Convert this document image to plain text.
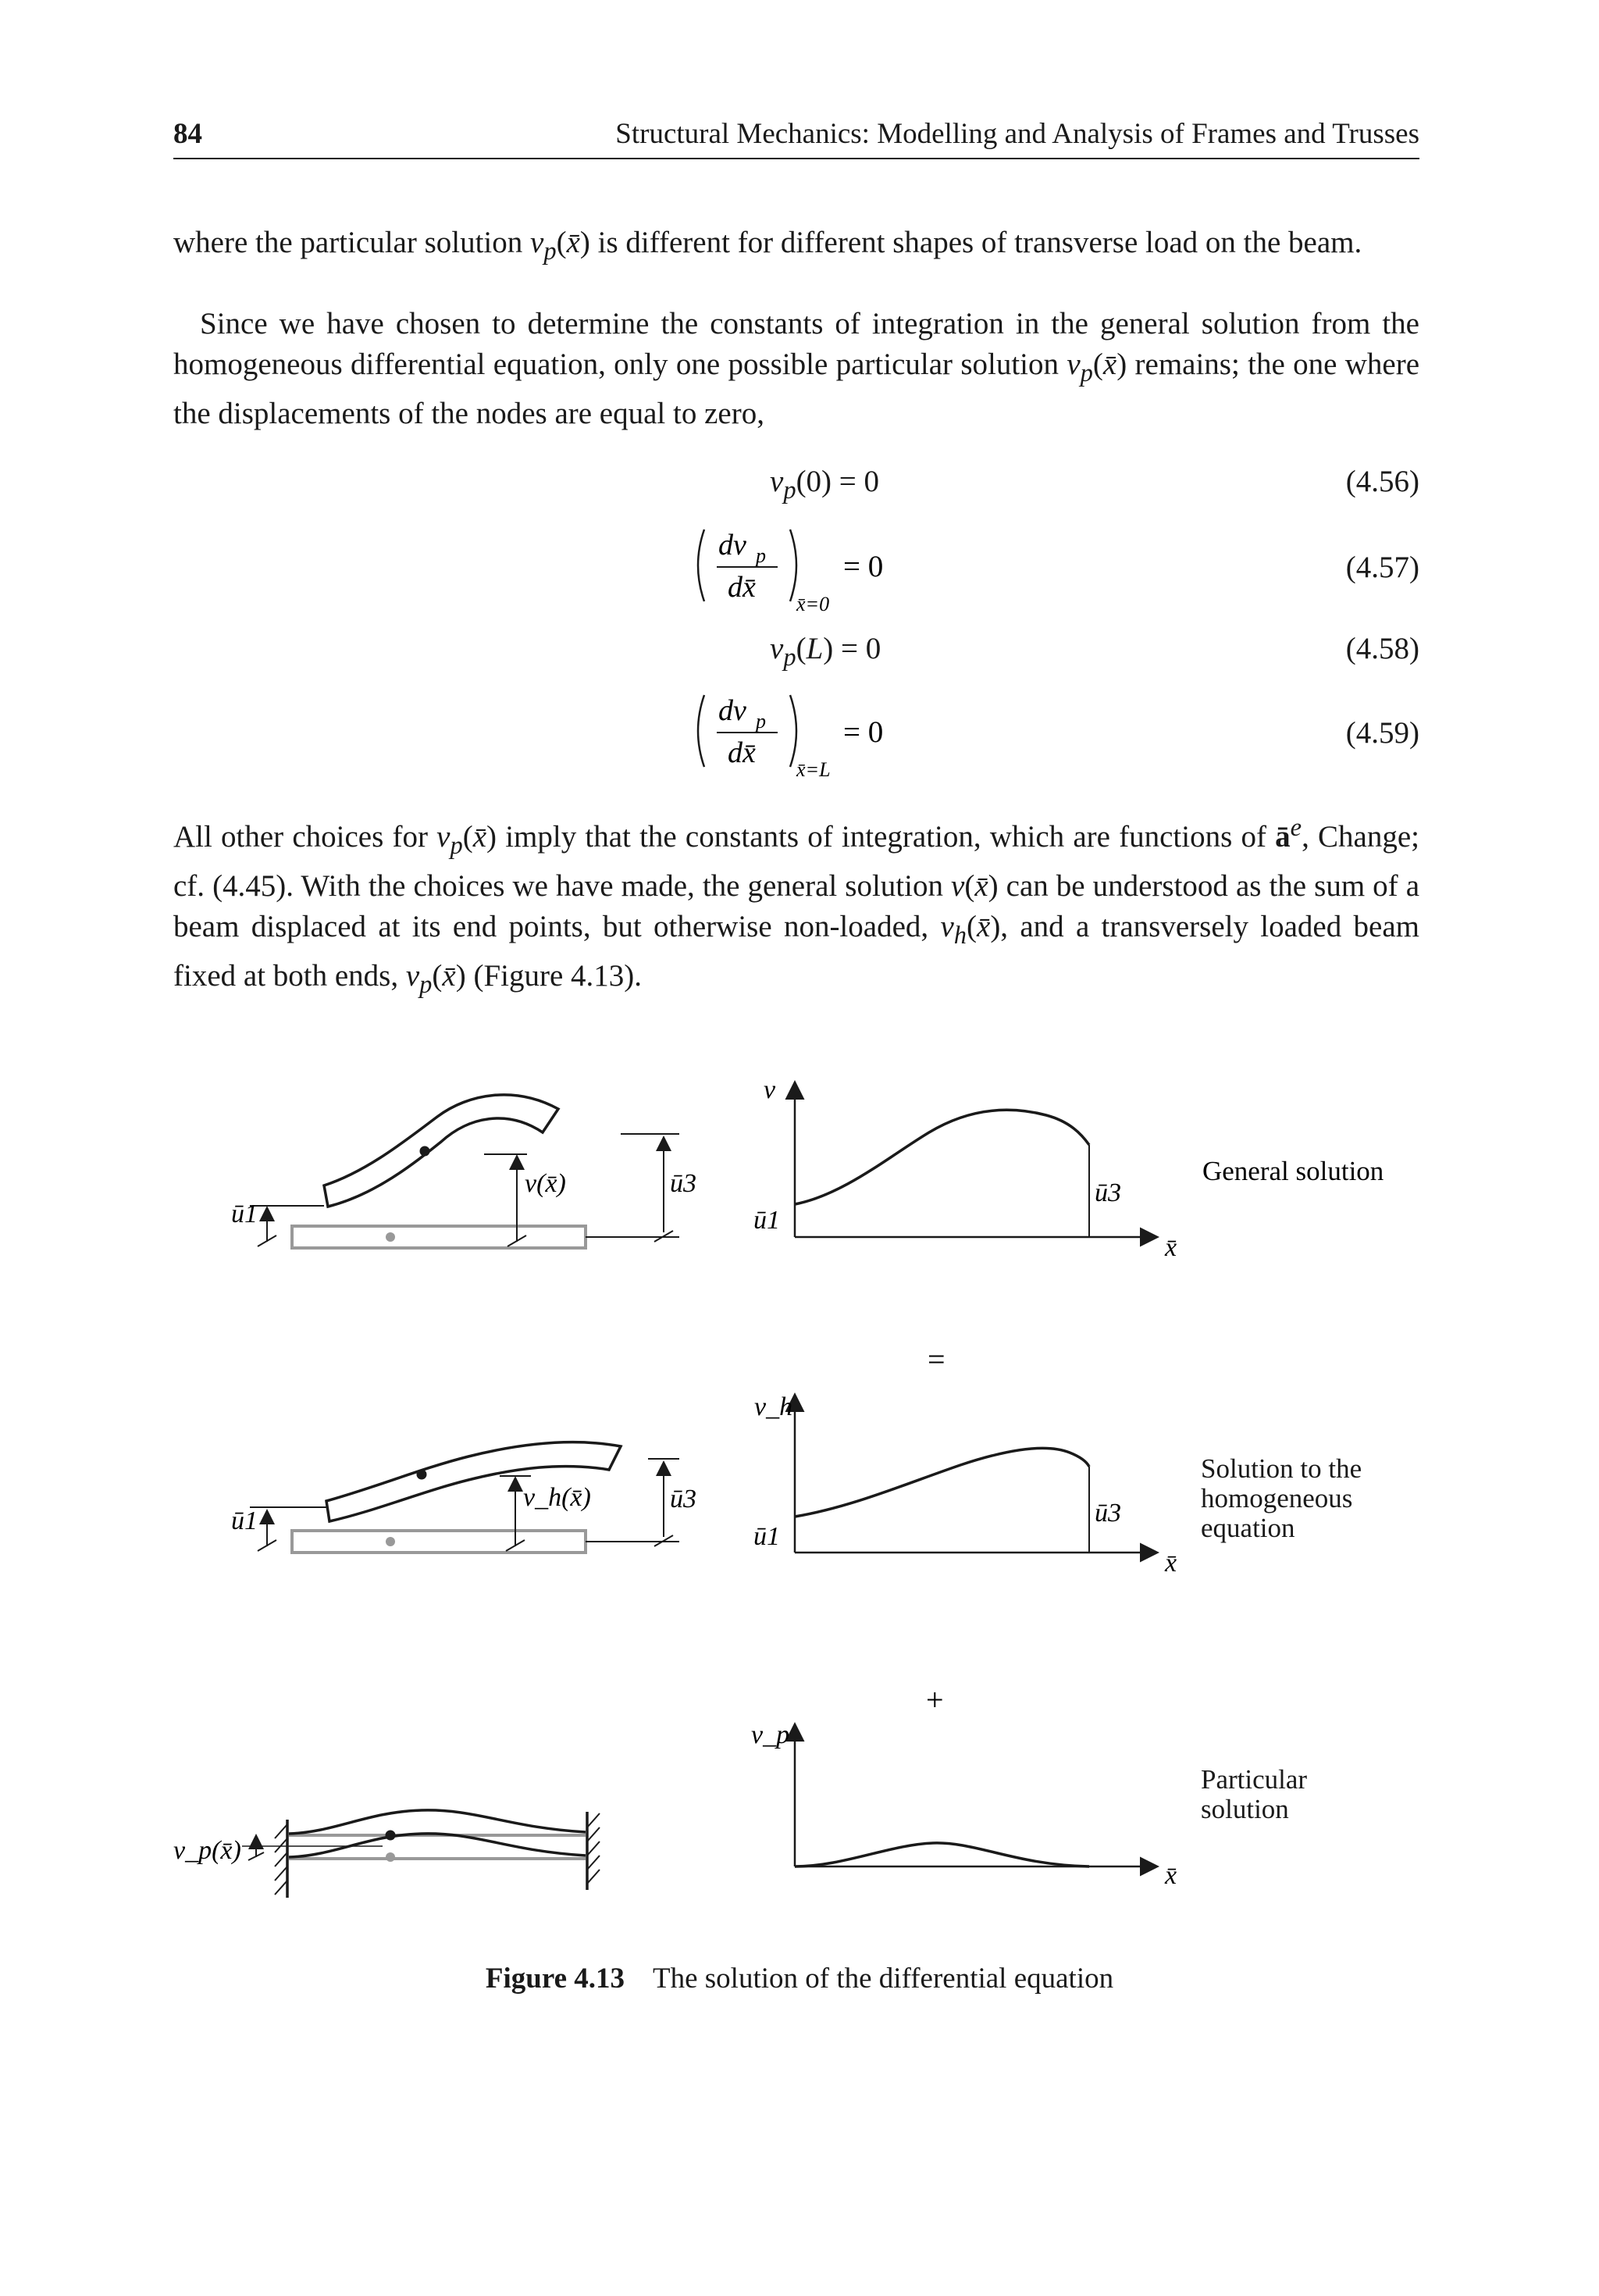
84	Structural Mechanics: Modelling and Analysis of Frames and Trusses

where the particular solution $v_p(x̄)$ is different for different shapes of transverse load on the beam.

Since we have chosen to determine the constants of integration in the general solution from the homogeneous differential equation, only one possible particular solution $v_p(x̄)$ remains; the one where the displacements of the nodes are equal to zero,

$v_p(0) = 0$	(4.56)
dv p
dx̄
x̄=0
= 0	(4.57)
$v_p(L) = 0$	(4.58)
dv p
dx̄
x̄=L
= 0	(4.59)

All other choices for $v_p(x̄)$ imply that the constants of integration, which are functions of $ā^e$, Change; cf. (4.45). With the choices we have made, the general solution v(x̄) can be understood as the sum of a beam displaced at its end points, but otherwise non-loaded, $v_h(x̄)$, and a transversely loaded beam fixed at both ends, $v_p(x̄)$ (Figure 4.13).

ū1
v(x̄)	ū3
v
ū3
ū1
x̄
General solution
=
ū1
v_h(x̄)	ū3
v_h
ū3
ū1
x̄
Solution to the homogeneous equation
+
v_p(x̄)
v_p
x̄
Particular solution
Figure 4.13 The solution of the differential equation
